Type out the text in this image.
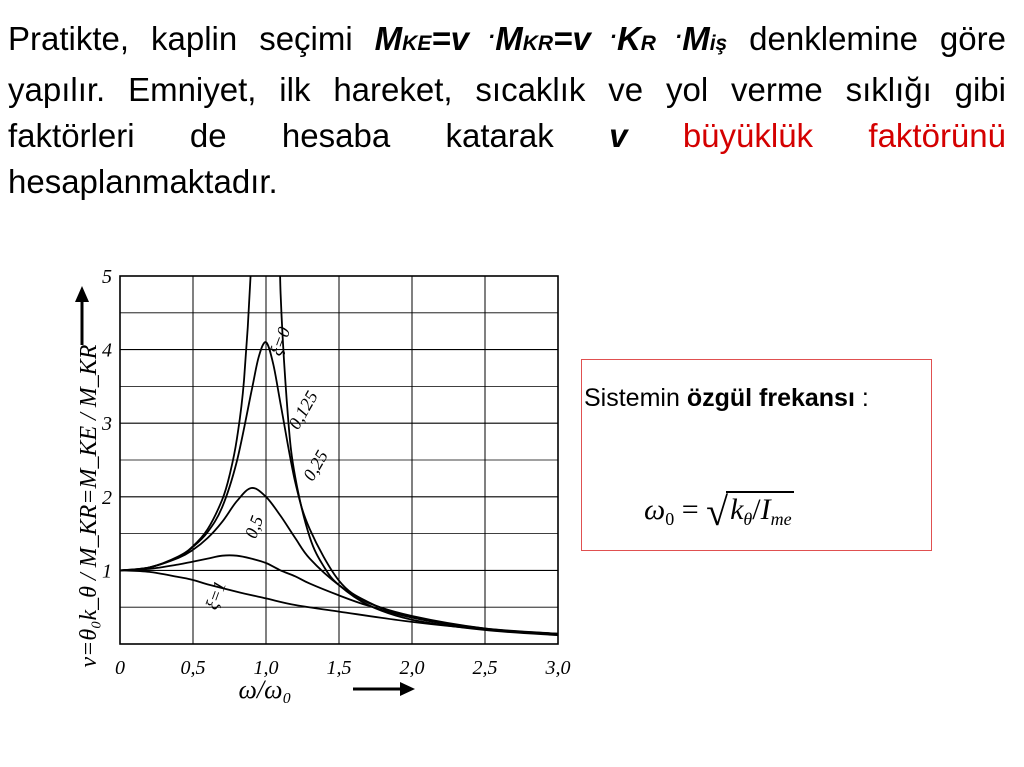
Pratikte, kaplin seçimi MKE=v ·MKR=v ·KR ·Miş denklemine göre yapılır. Emniyet, ilk hareket, sıcaklık ve yol verme sıklığı gibi faktörleri de hesaba katarak v büyüklük faktörünü hesaplanmaktadır.

0	0,5 1,0 1,5 2,0 2,5 3,0
1
2
3
4
5
ξ=0
0,125
0,25
0,5
ξ=1
ω/ω₀
ν=θ₀k_θ / M_KR=M_KE / M_KR	Sistemin özgül frekansı :
$\omega_0 = √k_\theta/I_{me}$
